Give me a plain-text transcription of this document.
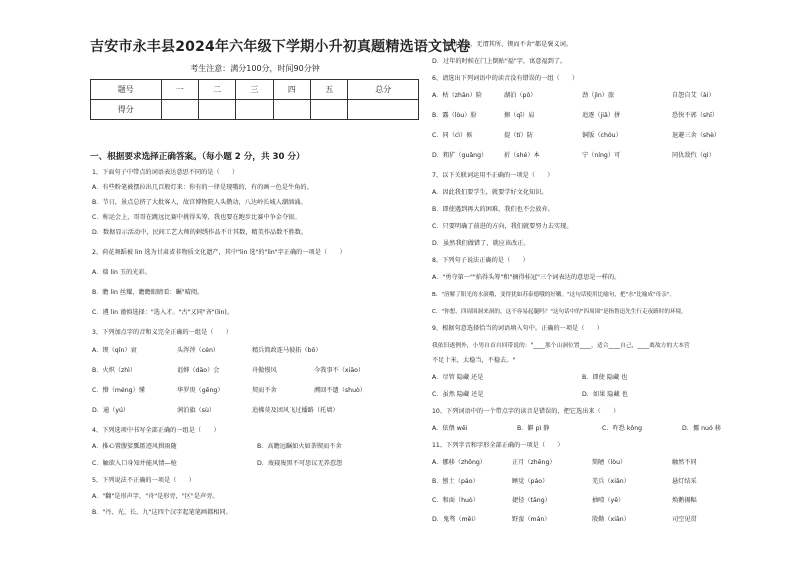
吉安市永丰县2024年六年级下学期小升初真题精选语文试卷
考生注意：满分100分，时间90分钟
题号	一	二	三	四	五	总分
得分						
一、根据要求选择正确答案。（每小题 2 分，共 30 分）
1、下面句子中带点的词语表达意思不同的是（　　）
A．有些粉笔被摆拉出几百般灯来：你有的一律是现哦的，有的画一色是牛角的。
B．节日，景点总挤了大批客人，故宫博物院人头攒动，八达岭长城人潮汹涌。
C．称运会上，哥哥在跳远比赛中挑得头筹，我也要在跑步比赛中争金夺银。
D．数据显示活动中，民间工艺大师的刺绣作品不计其数，精美作品数不胜数。
2、荷花舞蹈被 lin 选为甘肃省非物质文化遗产，其中"lin 选"的"lin"字正确的一项是（　　）
A．瑞 lin 玉的光彩。
B．瞻 lin 丝耀，瞻瞻眼睛看：瞩"晴阅。
C．遴 lin 谨慎选择："选入才。"古"又同"吝"(lin)。
3、下列加点字的音和义完全正确的一组是（　　）
A．锲（qǐn）衰	头涔涔（cén）	精兵简政连马彼拓（bō）
B．火炽（zhì）	诅婶（dāo）会	舟傲慢风	今我事不（xiāo）
C．懵（méng）懂	华罗庚（gēng）	契而不舍	溯回不遗（shuò）
D．逾（yú）	润泊旗（sù）	追拂莫及团风飞过播路（托墙）
4、下列选项中书写全部正确的一组是（　　）
A．推心置腹娑瓢匿迹风揖雨随	B．高瞻远瞩如火如荼锲而不舍
C．触欲入口身知并能风情—枪	D．废寝废黑不可思议无养惹怨
5、下列说法不正确的一项是（　　）
A．"翻"是形声字，"舟"是形旁，"区"是声旁。
B．"丹、光、长、九"这四个汉字起笔笔画都相同。
C．"豁出心神、无谓其所、锲而不舍"都是褒义词。
D．过年的时候在门上倒贴"福"字，寓意福到了。
6、请选出下列词语中的读音没有错误的一组（　　）
A．枯（zhān）险	湖泊（pō）	劲（jìn）旅	自怨自艾（ài）
B．露（lòu）脸	撺（qī）肩	追逐（jiā）拼	恐快不郭（shī）
C．同（cì）候	提（tí）防	铜版（chóu）	退避三舍（shè）
D．粗犷（guǎng）	折（shé）本	宁（níng）可	同仇敌忾（qì）
7、以下关联词运用不正确的一项是（　　）
A．因此我们要学生，就要学好文化知识。
B．即使遇到再大的困难，我们也不会放弃。
C．只要明确了前进的方向，我们就要努力去实现。
D．虽然我们做错了，就应该改正。
8、下列句子说法正确的是（　　）
A．"勇夺第一""掐得头筹"和"摘得桂冠"三个词表达的意思是一样的。
B．"溶解了阳光的水滚哦，变得犹如苏泰德哦的好嫩。"这句话使用比喻句，把"水"比喻成"母亲"。
C．"你想，四周围洞来洞的，这不容易起腿吗？"这句话中的"四周围"是指鲁迅先生行走夜路时的环境。
9、根据句意选择恰当的词语填入句中。正确的一项是（　　）
我依旧遂例外，小男自首自回带说的："____那个山洞位置____，适合____自己，____离故方的大本营
不足十米，太稳当，不稳去。"
A．尽管 隐藏 还是	B．即使 隐藏 也
C．虽然 隐藏 还是	D．如果 隐藏 也
10、下列词语中的一个带点字的读音是错误的，把它选出来（　　）
A．依偎 wēi	B．僻 pì 静	C．咋恐 kǒng	D．挪 nuó 移
11、下列字音和字形全部正确的一项是（　　）
A．挪移（zhōng）	正月（zhēng）	简陋（lòu）	触然不同
B．刨土（páo）	睡觉（páo）	羌兵（xiān）	悬灯结采
C．和面（huò）	捷径（tāng）	抽噎（yē）	焕鹅揭幅
D．鬼骛（mēi）	野蛮（mán）	殷勤（xiān）	司空见贯
